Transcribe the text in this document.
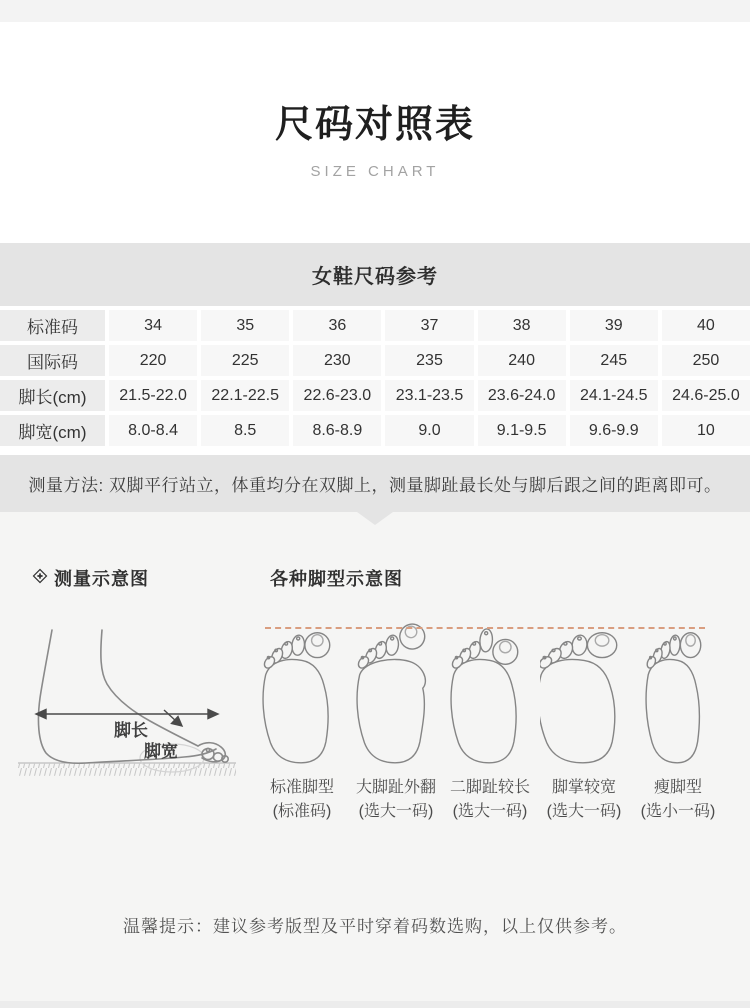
尺码对照表
SIZE CHART
女鞋尺码参考
标准码	34	35	36	37	38	39	40
国际码	220	225	230	235	240	245	250
脚长(cm)	21.5-22.0	22.1-22.5	22.6-23.0	23.1-23.5	23.6-24.0	24.1-24.5	24.6-25.0
脚宽(cm)	8.0-8.4	8.5	8.6-8.9	9.0	9.1-9.5	9.6-9.9	10
测量方法: 双脚平行站立，体重均分在双脚上，测量脚趾最长处与脚后跟之间的距离即可。
测量示意图	各种脚型示意图
脚长
脚宽
标准脚型
(标准码)
大脚趾外翻
(选大一码)
二脚趾较长
(选大一码)
脚掌较宽
(选大一码)
瘦脚型
(选小一码)
温馨提示：建议参考版型及平时穿着码数选购，以上仅供参考。
